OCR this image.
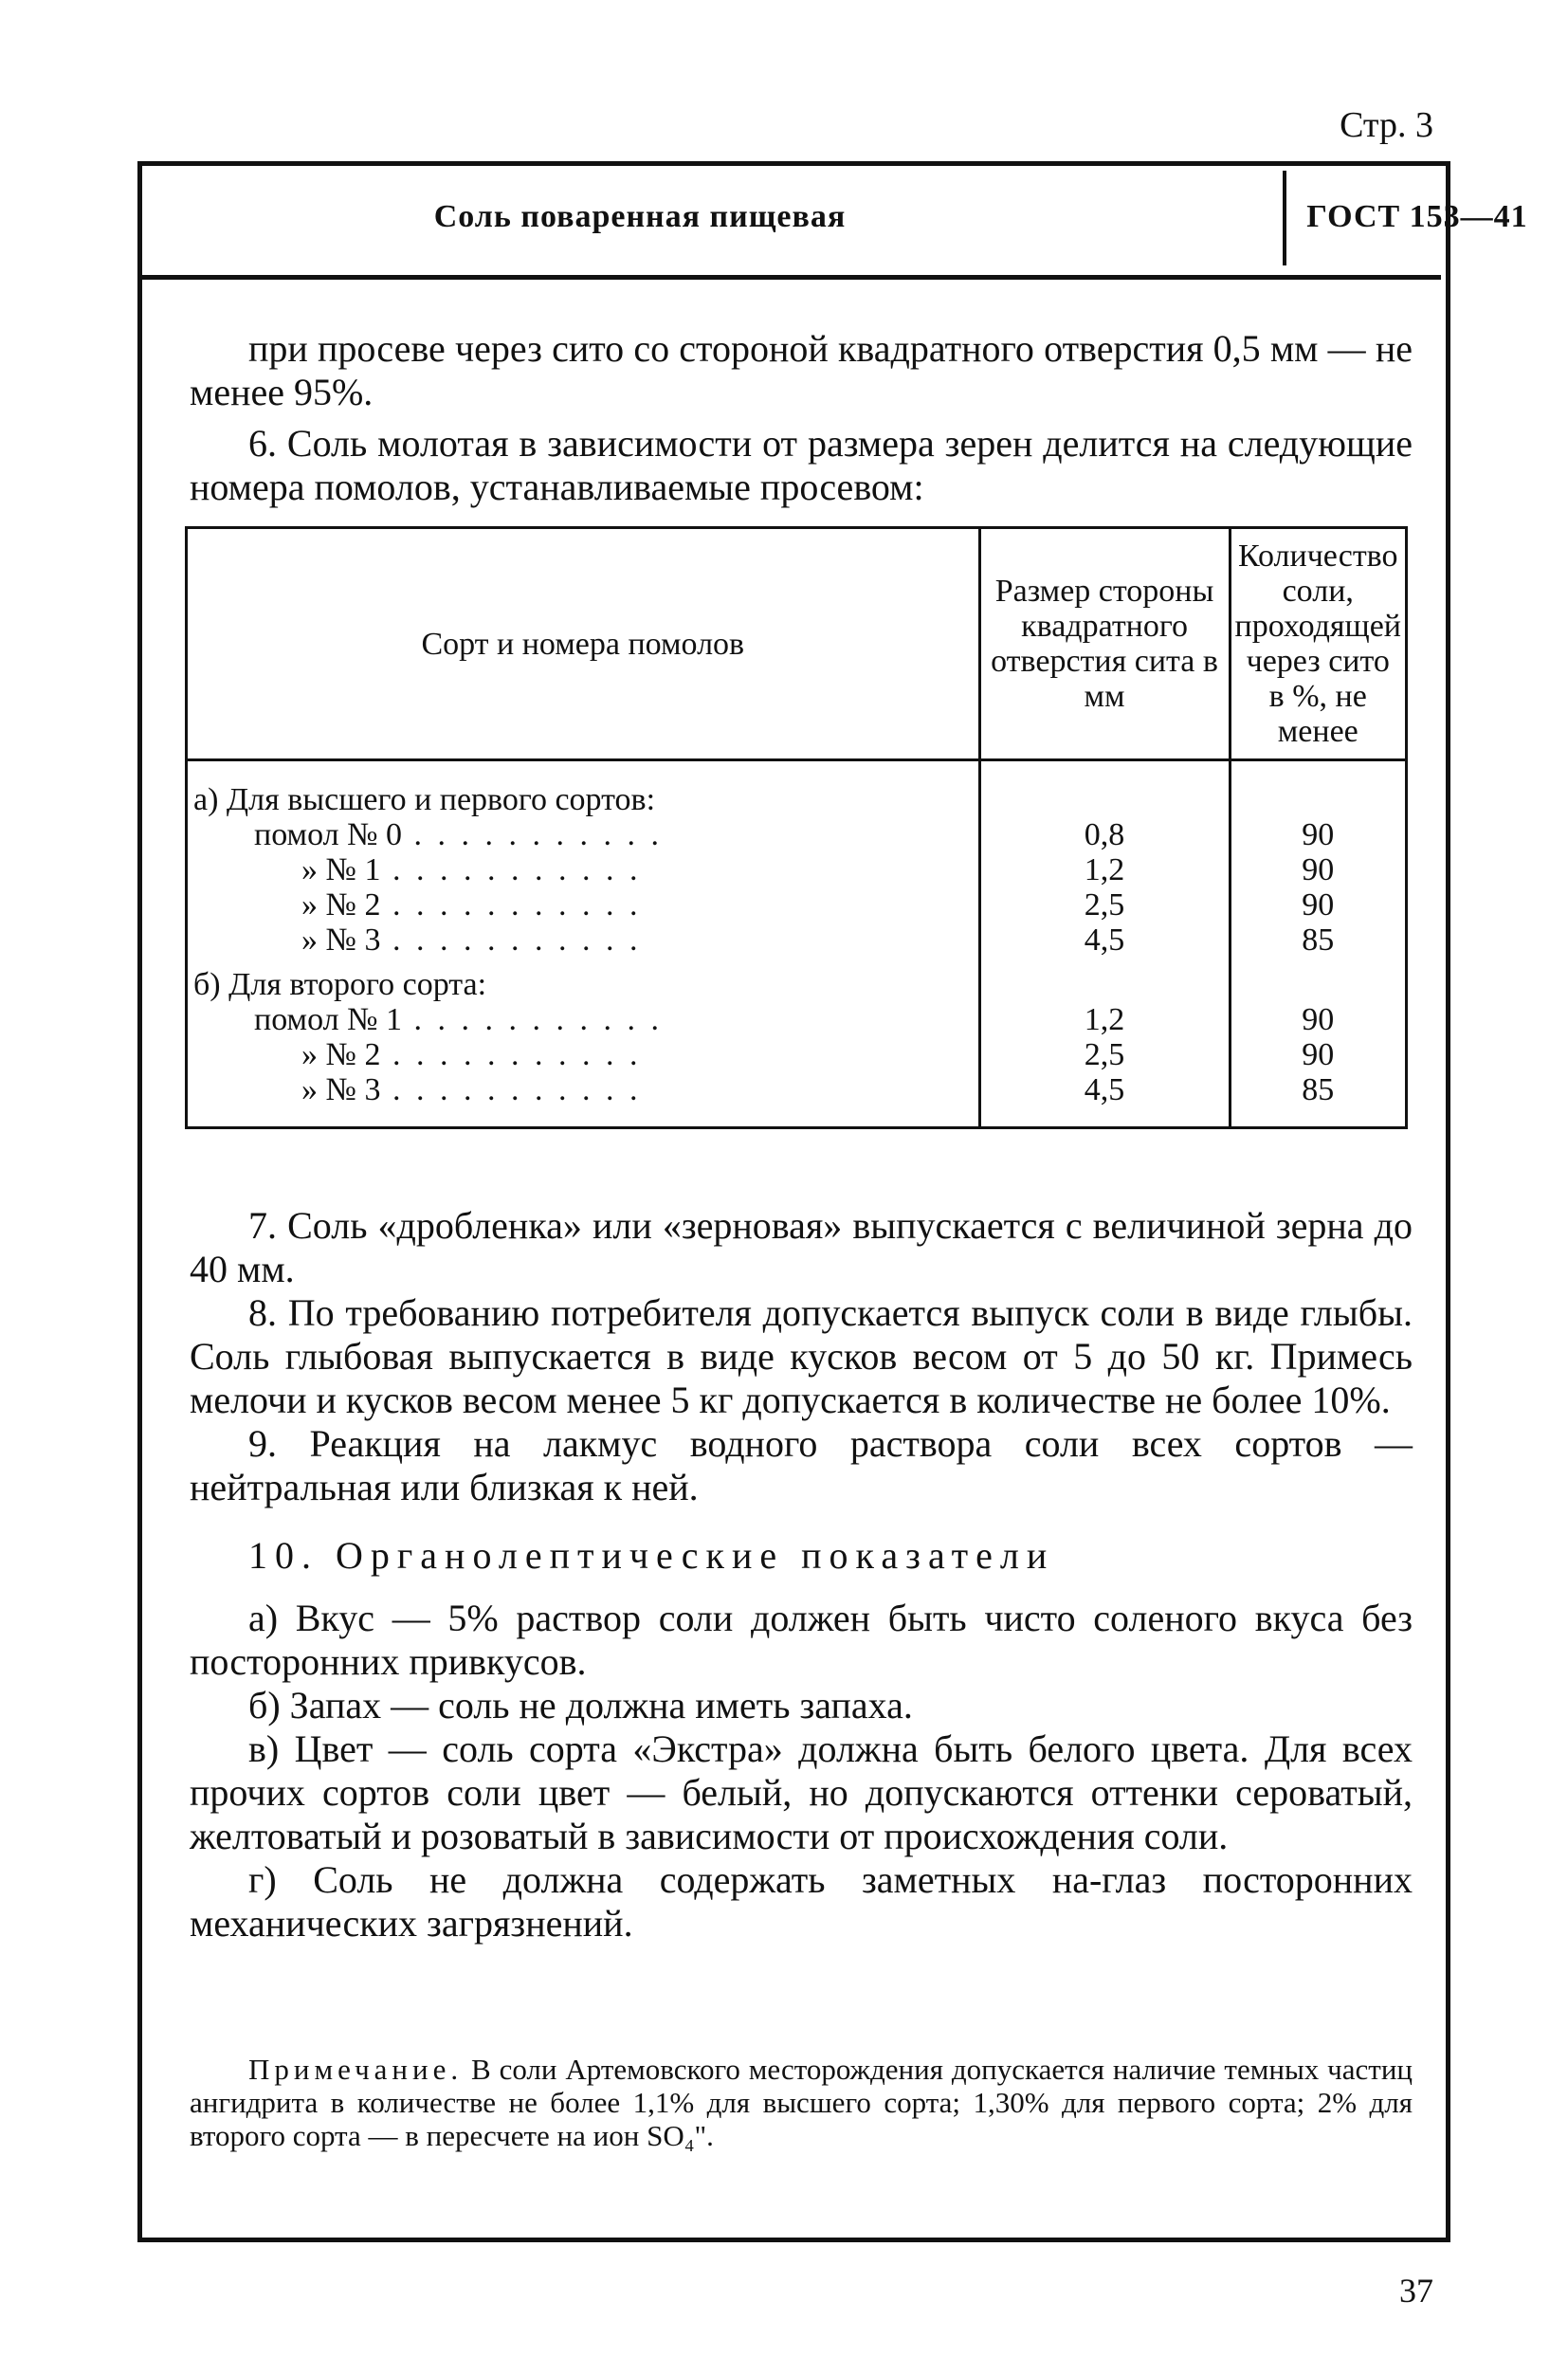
Стр. 3
Соль поваренная пищевая	ГОСТ 153—41

при просеве через сито со стороной квадратного отверстия 0,5 мм — не менее 95%.

6. Соль молотая в зависимости от размера зерен делится на следующие номера помолов, устанавливаемые просевом:

Сорт и номера помолов	Размер стороны квадратного отверстия сита в мм	Количество соли, проходящей через сито в %, не менее
а) Для высшего и первого сортов:		
помол № 0 . . . . . . . . . . .	0,8	90
» № 1 . . . . . . . . . . .	1,2	90
» № 2 . . . . . . . . . . .	2,5	90
» № 3 . . . . . . . . . . .	4,5	85
б) Для второго сорта:		
помол № 1 . . . . . . . . . . .	1,2	90
» № 2 . . . . . . . . . . .	2,5	90
» № 3 . . . . . . . . . . .	4,5	85

7. Соль «дробленка» или «зерновая» выпускается с величиной зерна до 40 мм.

8. По требованию потребителя допускается выпуск соли в виде глыбы. Соль глыбовая выпускается в виде кусков весом от 5 до 50 кг. Примесь мелочи и кусков весом менее 5 кг допускается в количестве не более 10%.

9. Реакция на лакмус водного раствора соли всех сортов — нейтральная или близкая к ней.

10. Органолептические показатели

а) Вкус — 5% раствор соли должен быть чисто соленого вкуса без посторонних привкусов.

б) Запах — соль не должна иметь запаха.

в) Цвет — соль сорта «Экстра» должна быть белого цвета. Для всех прочих сортов соли цвет — белый, но допускаются оттенки сероватый, желтоватый и розоватый в зависимости от происхождения соли.

г) Соль не должна содержать заметных на-глаз посторонних механических загрязнений.

Примечание. В соли Артемовского месторождения допускается наличие темных частиц ангидрита в количестве не более 1,1% для высшего сорта; 1,30% для первого сорта; 2% для второго сорта — в пересчете на ион SO₄".

37
